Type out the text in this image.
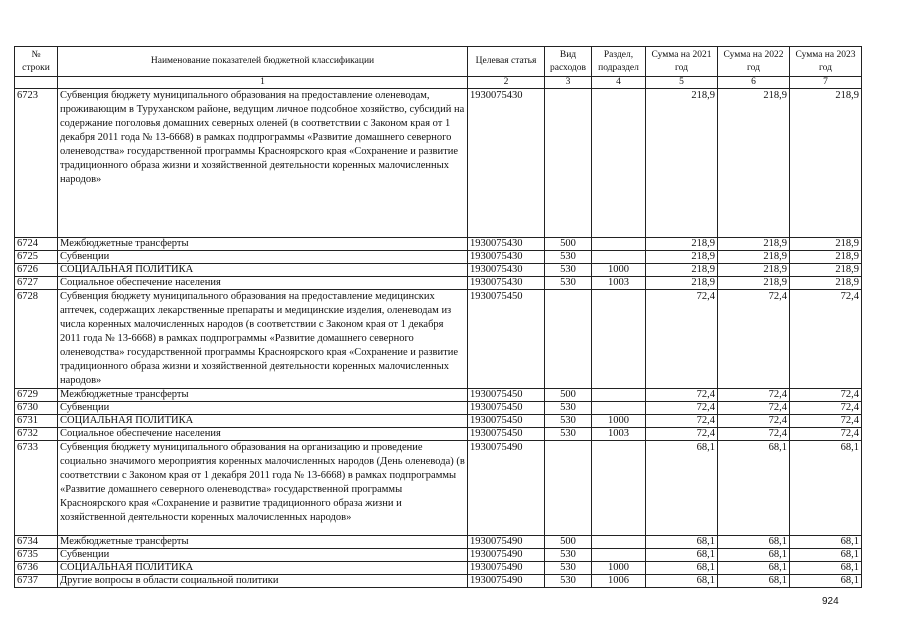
№ строки	Наименование показателей бюджетной классификации	Целевая статья	Вид расходов	Раздел, подраздел	Сумма на 2021 год	Сумма на 2022 год	Сумма на 2023 год
	1	2	3	4	5	6	7
6723	Субвенция бюджету муниципального образования на предоставление оленеводам, проживающим в Туруханском районе, ведущим личное подсобное хозяйство, субсидий на содержание поголовья домашних северных оленей (в соответствии с Законом края от 1 декабря 2011 года № 13-6668) в рамках подпрограммы «Развитие домашнего северного оленеводства» государственной программы Красноярского края «Сохранение и развитие традиционного образа жизни и хозяйственной деятельности коренных малочисленных народов»	1930075430			218,9	218,9	218,9
6724	Межбюджетные трансферты	1930075430	500		218,9	218,9	218,9
6725	Субвенции	1930075430	530		218,9	218,9	218,9
6726	СОЦИАЛЬНАЯ ПОЛИТИКА	1930075430	530	1000	218,9	218,9	218,9
6727	Социальное обеспечение населения	1930075430	530	1003	218,9	218,9	218,9
6728	Субвенция бюджету муниципального образования на предоставление медицинских аптечек, содержащих лекарственные препараты и медицинские изделия, оленеводам из числа коренных малочисленных народов (в соответствии с Законом края от 1 декабря 2011 года № 13-6668) в рамках подпрограммы «Развитие домашнего северного оленеводства» государственной программы Красноярского края «Сохранение и развитие традиционного образа жизни и хозяйственной деятельности коренных малочисленных народов»	1930075450			72,4	72,4	72,4
6729	Межбюджетные трансферты	1930075450	500		72,4	72,4	72,4
6730	Субвенции	1930075450	530		72,4	72,4	72,4
6731	СОЦИАЛЬНАЯ ПОЛИТИКА	1930075450	530	1000	72,4	72,4	72,4
6732	Социальное обеспечение населения	1930075450	530	1003	72,4	72,4	72,4
6733	Субвенция бюджету муниципального образования на организацию и проведение социально значимого мероприятия коренных малочисленных народов (День оленевода) (в соответствии с Законом края от 1 декабря 2011 года № 13-6668) в рамках подпрограммы «Развитие домашнего северного оленеводства» государственной программы Красноярского края «Сохранение и развитие традиционного образа жизни и хозяйственной деятельности коренных малочисленных народов»	1930075490			68,1	68,1	68,1
6734	Межбюджетные трансферты	1930075490	500		68,1	68,1	68,1
6735	Субвенции	1930075490	530		68,1	68,1	68,1
6736	СОЦИАЛЬНАЯ ПОЛИТИКА	1930075490	530	1000	68,1	68,1	68,1
6737	Другие вопросы в области социальной политики	1930075490	530	1006	68,1	68,1	68,1
924
